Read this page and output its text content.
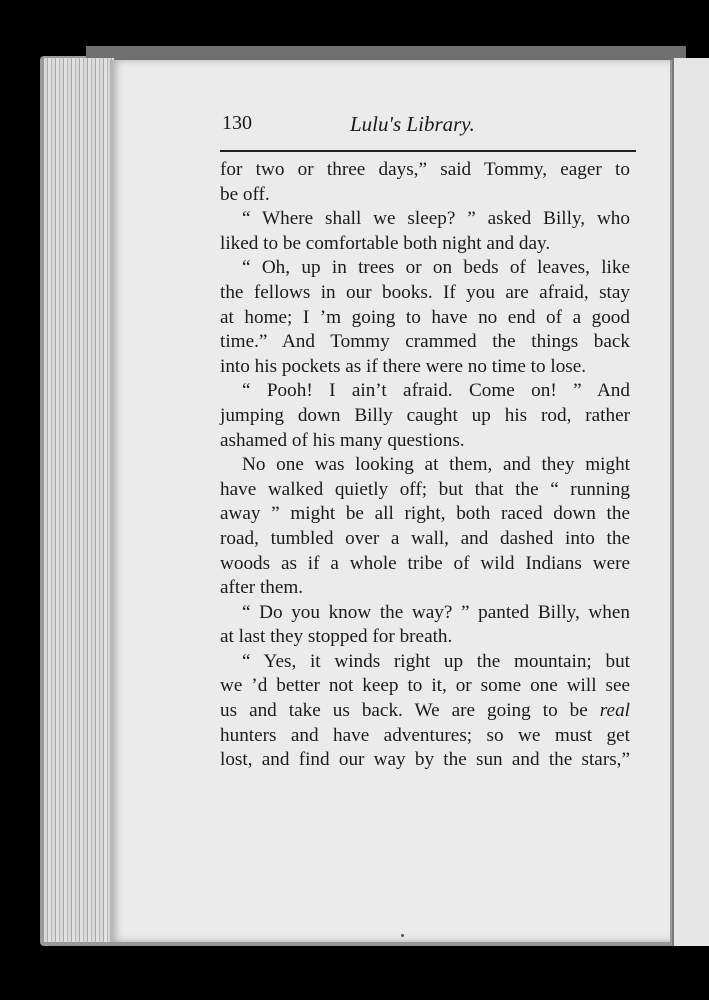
130	Lulu's Library.
for two or three days,” said Tommy, eager to
be off.
“ Where shall we sleep? ” asked Billy, who
liked to be comfortable both night and day.
“ Oh, up in trees or on beds of leaves, like
the fellows in our books. If you are afraid, stay
at home; I ’m going to have no end of a good
time.” And Tommy crammed the things back
into his pockets as if there were no time to lose.
“ Pooh! I ain’t afraid. Come on! ” And
jumping down Billy caught up his rod, rather
ashamed of his many questions.
No one was looking at them, and they might
have walked quietly off; but that the “ running
away ” might be all right, both raced down the
road, tumbled over a wall, and dashed into the
woods as if a whole tribe of wild Indians were
after them.
“ Do you know the way? ” panted Billy, when
at last they stopped for breath.
“ Yes, it winds right up the mountain; but
we ’d better not keep to it, or some one will see
us and take us back. We are going to be real
hunters and have adventures; so we must get
lost, and find our way by the sun and the stars,”
